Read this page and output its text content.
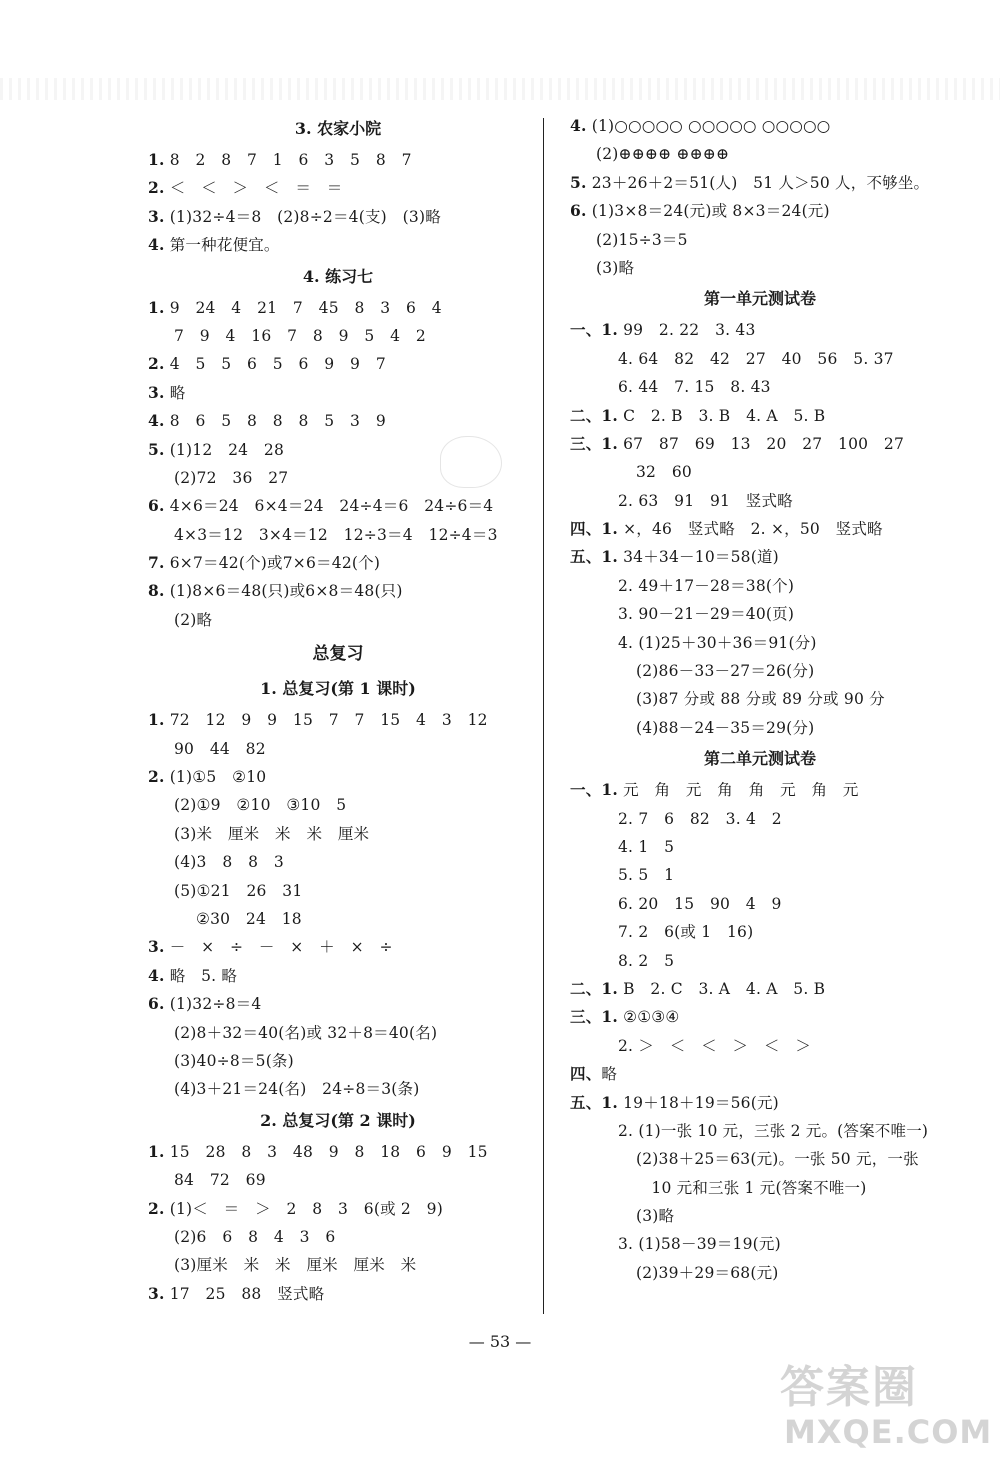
3. 农家小院
1. 8　2　8　7　1　6　3　5　8　7
2. ＜　＜　＞　＜　＝　＝
3. (1)32÷4＝8　(2)8÷2＝4(支)　(3)略
4. 第一种花便宜。
4. 练习七
1. 9　24　4　21　7　45　8　3　6　4
7　9　4　16　7　8　9　5　4　2
2. 4　5　5　6　5　6　9　9　7
3. 略
4. 8　6　5　8　8　8　5　3　9
5. (1)12　24　28
(2)72　36　27
6. 4×6＝24　6×4＝24　24÷4＝6　24÷6＝4
4×3＝12　3×4＝12　12÷3＝4　12÷4＝3
7. 6×7＝42(个)或7×6＝42(个)
8. (1)8×6＝48(只)或6×8＝48(只)
(2)略
总复习
1. 总复习(第 1 课时)
1. 72　12　9　9　15　7　7　15　4　3　12
90　44　82
2. (1)①5　②10
(2)①9　②10　③10　5
(3)米　厘米　米　米　厘米
(4)3　8　8　3
(5)①21　26　31
②30　24　18
3. －　×　÷　－　×　＋　×　÷
4. 略　5. 略
6. (1)32÷8＝4
(2)8＋32＝40(名)或 32＋8＝40(名)
(3)40÷8＝5(条)
(4)3＋21＝24(名)　24÷8＝3(条)
2. 总复习(第 2 课时)
1. 15　28　8　3　48　9　8　18　6　9　15
84　72　69
2. (1)＜　＝　＞　2　8　3　6(或 2　9)
(2)6　6　8　4　3　6
(3)厘米　米　米　厘米　厘米　米
3. 17　25　88　竖式略
4. (1)○○○○○ ○○○○○ ○○○○○
(2)⊕⊕⊕⊕ ⊕⊕⊕⊕
5. 23＋26＋2＝51(人)　51 人＞50 人，不够坐。
6. (1)3×8＝24(元)或 8×3＝24(元)
(2)15÷3＝5
(3)略
第一单元测试卷
一、1. 99　2. 22　3. 43
4. 64　82　42　27　40　56　5. 37
6. 44　7. 15　8. 43
二、1. C　2. B　3. B　4. A　5. B
三、1. 67　87　69　13　20　27　100　27
32　60
2. 63　91　91　竖式略
四、1. ×，46　竖式略　2. ×，50　竖式略
五、1. 34＋34－10＝58(道)
2. 49＋17－28＝38(个)
3. 90－21－29＝40(页)
4. (1)25＋30＋36＝91(分)
(2)86－33－27＝26(分)
(3)87 分或 88 分或 89 分或 90 分
(4)88－24－35＝29(分)
第二单元测试卷
一、1. 元　角　元　角　角　元　角　元
2. 7　6　82　3. 4　2
4. 1　5
5. 5　1
6. 20　15　90　4　9
7. 2　6(或 1　16)
8. 2　5
二、1. B　2. C　3. A　4. A　5. B
三、1. ②①③④
2. ＞　＜　＜　＞　＜　＞
四、略
五、1. 19＋18＋19＝56(元)
2. (1)一张 10 元，三张 2 元。(答案不唯一)
(2)38＋25＝63(元)。一张 50 元，一张
10 元和三张 1 元(答案不唯一)
(3)略
3. (1)58－39＝19(元)
(2)39＋29＝68(元)
— 53 —
答案圈
MXQE.COM
